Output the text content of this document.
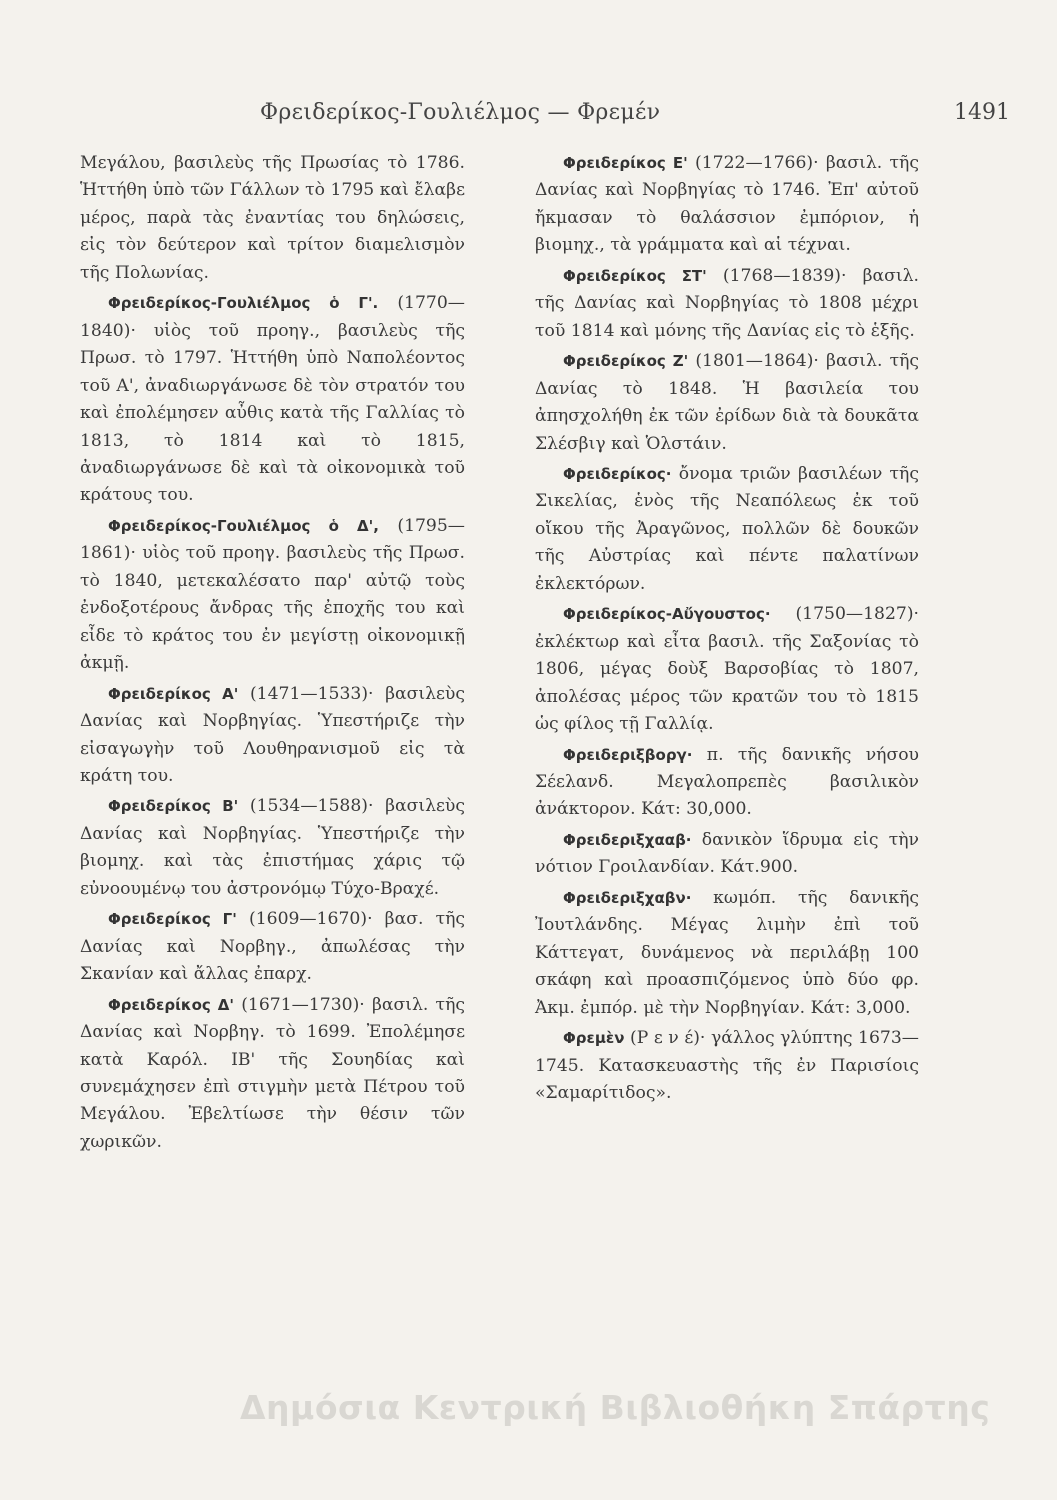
Φρειδερίκος-Γουλιέλμος — Φρεμέν	1491

Μεγάλου, βασιλεὺς τῆς Πρωσίας τὸ 1786. Ἡττήθη ὑπὸ τῶν Γάλλων τὸ 1795 καὶ ἔλαβε μέρος, παρὰ τὰς ἐναντίας του δηλώσεις, εἰς τὸν δεύτερον καὶ τρίτον διαμελισμὸν τῆς Πολωνίας.

Φρειδερίκος-Γουλιέλμος ὁ Γ'. (1770—1840)· υἱὸς τοῦ προηγ., βασιλεὺς τῆς Πρωσ. τὸ 1797. Ἡττήθη ὑπὸ Ναπολέοντος τοῦ Α', ἀναδιωργάνωσε δὲ τὸν στρατόν του καὶ ἐπολέμησεν αὖθις κατὰ τῆς Γαλλίας τὸ 1813, τὸ 1814 καὶ τὸ 1815, ἀναδιωργάνωσε δὲ καὶ τὰ οἰκονομικὰ τοῦ κράτους του.

Φρειδερίκος-Γουλιέλμος ὁ Δ', (1795—1861)· υἱὸς τοῦ προηγ. βασιλεὺς τῆς Πρωσ. τὸ 1840, μετεκαλέσατο παρ' αὐτῷ τοὺς ἐνδοξοτέρους ἄνδρας τῆς ἐποχῆς του καὶ εἶδε τὸ κράτος του ἐν μεγίστῃ οἰκονομικῇ ἀκμῇ.

Φρειδερίκος Α' (1471—1533)· βασιλεὺς Δανίας καὶ Νορβηγίας. Ὑπεστήριζε τὴν εἰσαγωγὴν τοῦ Λουθηρανισμοῦ εἰς τὰ κράτη του.

Φρειδερίκος Β' (1534—1588)· βασιλεὺς Δανίας καὶ Νορβηγίας. Ὑπεστήριζε τὴν βιομηχ. καὶ τὰς ἐπιστήμας χάρις τῷ εὐνοουμένῳ του ἀστρονόμῳ Τύχο-Βραχέ.

Φρειδερίκος Γ' (1609—1670)· βασ. τῆς Δανίας καὶ Νορβηγ., ἀπωλέσας τὴν Σκανίαν καὶ ἄλλας ἐπαρχ.

Φρειδερίκος Δ' (1671—1730)· βασιλ. τῆς Δανίας καὶ Νορβηγ. τὸ 1699. Ἐπολέμησε κατὰ Καρόλ. ΙΒ' τῆς Σουηδίας καὶ συνεμάχησεν ἐπὶ στιγμὴν μετὰ Πέτρου τοῦ Μεγάλου. Ἐβελτίωσε τὴν θέσιν τῶν χωρικῶν.

Φρειδερίκος Ε' (1722—1766)· βασιλ. τῆς Δανίας καὶ Νορβηγίας τὸ 1746. Ἐπ' αὐτοῦ ἤκμασαν τὸ θαλάσσιον ἐμπόριον, ἡ βιομηχ., τὰ γράμματα καὶ αἱ τέχναι.

Φρειδερίκος ΣΤ' (1768—1839)· βασιλ. τῆς Δανίας καὶ Νορβηγίας τὸ 1808 μέχρι τοῦ 1814 καὶ μόνης τῆς Δανίας εἰς τὸ ἑξῆς.

Φρειδερίκος Ζ' (1801—1864)· βασιλ. τῆς Δανίας τὸ 1848. Ἡ βασιλεία του ἀπησχολήθη ἐκ τῶν ἐρίδων διὰ τὰ δουκᾶτα Σλέσβιγ καὶ Ὁλστάιν.

Φρειδερίκος· ὄνομα τριῶν βασιλέων τῆς Σικελίας, ἑνὸς τῆς Νεαπόλεως ἐκ τοῦ οἴκου τῆς Ἀραγῶνος, πολλῶν δὲ δουκῶν τῆς Αὐστρίας καὶ πέντε παλατίνων ἐκλεκτόρων.

Φρειδερίκος-Αὔγουστος· (1750—1827)· ἐκλέκτωρ καὶ εἶτα βασιλ. τῆς Σαξονίας τὸ 1806, μέγας δοὺξ Βαρσοβίας τὸ 1807, ἀπολέσας μέρος τῶν κρατῶν του τὸ 1815 ὡς φίλος τῇ Γαλλίᾳ.

Φρειδεριξβοργ· π. τῆς δανικῆς νήσου Σέελανδ. Μεγαλοπρεπὲς βασιλικὸν ἀνάκτορον. Κάτ: 30,000.

Φρειδεριξχααβ· δανικὸν ἵδρυμα εἰς τὴν νότιον Γροιλανδίαν. Κάτ.900.

Φρειδεριξχαβν· κωμόπ. τῆς δανικῆς Ἰουτλάνδης. Μέγας λιμὴν ἐπὶ τοῦ Κάττεγατ, δυνάμενος νὰ περιλάβῃ 100 σκάφη καὶ προασπιζόμενος ὑπὸ δύο φρ. Ἀκμ. ἐμπόρ. μὲ τὴν Νορβηγίαν. Κάτ: 3,000.

Φρεμὲν (Ρ ε ν έ)· γάλλος γλύπτης 1673—1745. Κατασκευαστὴς τῆς ἐν Παρισίοις «Σαμαρίτιδος».

Δημόσια Κεντρική Βιβλιοθήκη Σπάρτης
